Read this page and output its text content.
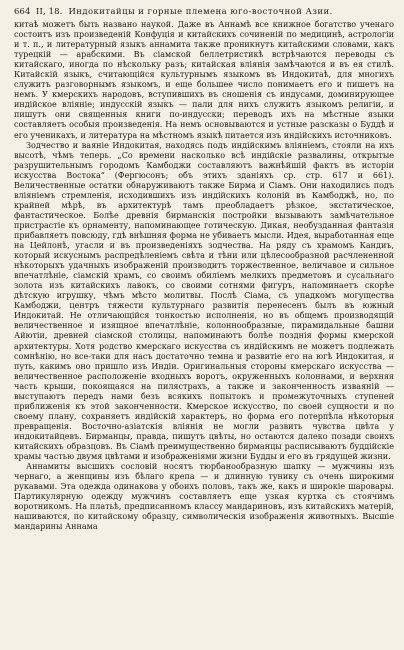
664 II, 18. Индокитайцы и горные племена юго-восточной Азии.

китаѣ можетъ быть названо наукой. Даже въ Аннамѣ все книжное богатство ученаго состоитъ изъ произведеній Конфуція и китайскихъ сочиненій по медицинѣ, астрологіи и т. п., и литературный языкъ аннамита также проникнутъ китайскими словами, какъ турецкій — арабскими. Въ сіамской беллетристикѣ встрѣчаются переводы съ китайскаго, иногда по нѣскольку разъ; китайская вліянія замѣчаются и въ ея стилѣ. Китайскій языкъ, считающійся культурнымъ языкомъ въ Индокитаѣ, для многихъ служитъ разговорнымъ языкомъ, и еще большее число понимаетъ его и пишетъ на немъ. У кмерскихъ народовъ, вступившихъ въ сношенія съ индусами, доминирующее индійское вліяніе; индусскій языкъ — пали для нихъ служитъ языкомъ религіи, и пишутъ они священныя книги по-индусски; переводъ ихъ на мѣстные языки составляетъ особыя произведенія. На немъ основываются и устные разсказы о Буддѣ и его ученикахъ, и литература на мѣстномъ языкѣ питается изъ индійскихъ источниковъ.

Зодчество и ваяніе Индокитая, находясь подъ индійскимъ вліяніемъ, стояли на ихъ высотѣ, чѣмъ теперь. „Со времени насколько всѣ индійскіе развалины, открытые разрушительнымъ городомъ Камбоджи составляютъ важнѣйшій фактъ въ исторіи искусства Востока“ (Фергюсонъ; объ этихъ зданіяхъ ср. стр. 617 и 661). Величественные остатки обнаруживаютъ также Бирма и Сіамъ. Они находились подъ вліяніемъ стремленія, исходившихъ изъ индійскихъ колоній въ Камбоджѣ, но, по крайней мѣрѣ, въ архитектурѣ тамъ преобладаетъ рѣзкое, экстатическое, фантастическое. Болѣе древнія бирманскія постройки вызываютъ замѣчательное пристрастіе къ орнаменту, напоминающее готическую. Дикая, необузданная фантазія прибавляетъ повсюду, гдѣ внѣшняя форма не убиваетъ мысли. Идея, выработанная еще на Цейлонѣ, угасли и въ произведеніяхъ зодчества. На ряду съ храмомъ Кандиъ, который искуснымъ распредѣленіемъ свѣта и тѣни или цѣлесообразной расчлененной нѣкоторыхъ удачныхъ изображеній производитъ торжественное, величавое и сильное впечатлѣніе, сіамскій храмъ, со своимъ обиліемъ мелкихъ предметовъ и сусальнаго золота изъ китайскихъ лавокъ, со своими сотнями фигуръ, напоминаетъ скорѣе дѣтскую игрушку, чѣмъ мѣсто молитвы. Послѣ Сіама, съ упадкомъ могущества Камбоджи, центръ тяжести культурнаго развитія перенесенъ былъ въ южный Индокитай. Не отличающійся тонкостью исполненія, но въ общемъ производящій величественное и изящное впечатлѣніе, колоннообразные, пирамидальные башни Айютіи, древней сіамской столицы, напоминаютъ болѣе позднія формы кмерской архитектуры. Хотя родство кмерскаго искусства съ индійскимъ не можетъ подлежать сомнѣнію, но все-таки для насъ достаточно темна и развитіе его на югѣ Индокитая, и путь, какимъ оно пришло изъ Индіи. Оригинальныя стороны кмерскаго искусства — величественное расположеніе входныхъ воротъ, окруженныхъ колоннами, и верхняя часть крыши, покоящаяся на пилястрахъ, а также и законченность изваяній — выступаютъ передъ нами безъ всякихъ попытокъ и промежуточныхъ ступеней приближенія къ этой законченности. Кмерское искусство, по своей сущности и по своему плану, сохраняетъ индійскій характеръ, но форма его потерпѣла нѣкоторыя превращенія. Восточно-азіатскія вліянія не могли развить чувства цвѣта у индокитайцевъ. Бирманцы, правда, пишутъ цвѣты, но остаются далеко позади своихъ китайскихъ образцовъ. Въ Сіамѣ преимущественно бирманцы расписываютъ буддійскіе храмы частью двумя цвѣтами и изображеніями жизни Будды и его въ грядущей жизни.

Аннамиты высшихъ сословій носятъ тюрбанообразную шапку — мужчины изъ чернаго, а женщины изъ бѣлаго крепа — и длинную тунику съ очень широкими рукавами. Эта одежда одинакова у обоихъ половъ, такъ же, какъ и широкіе шаровары. Партикулярную одежду мужчинъ составляетъ еще узкая куртка съ стоячимъ воротникомъ. На платьѣ, предписанномъ классу мандариновъ, изъ китайскихъ матерій, нашиваются, по китайскому образцу, символическія изображенія животныхъ. Высшіе мандарины Аннама
